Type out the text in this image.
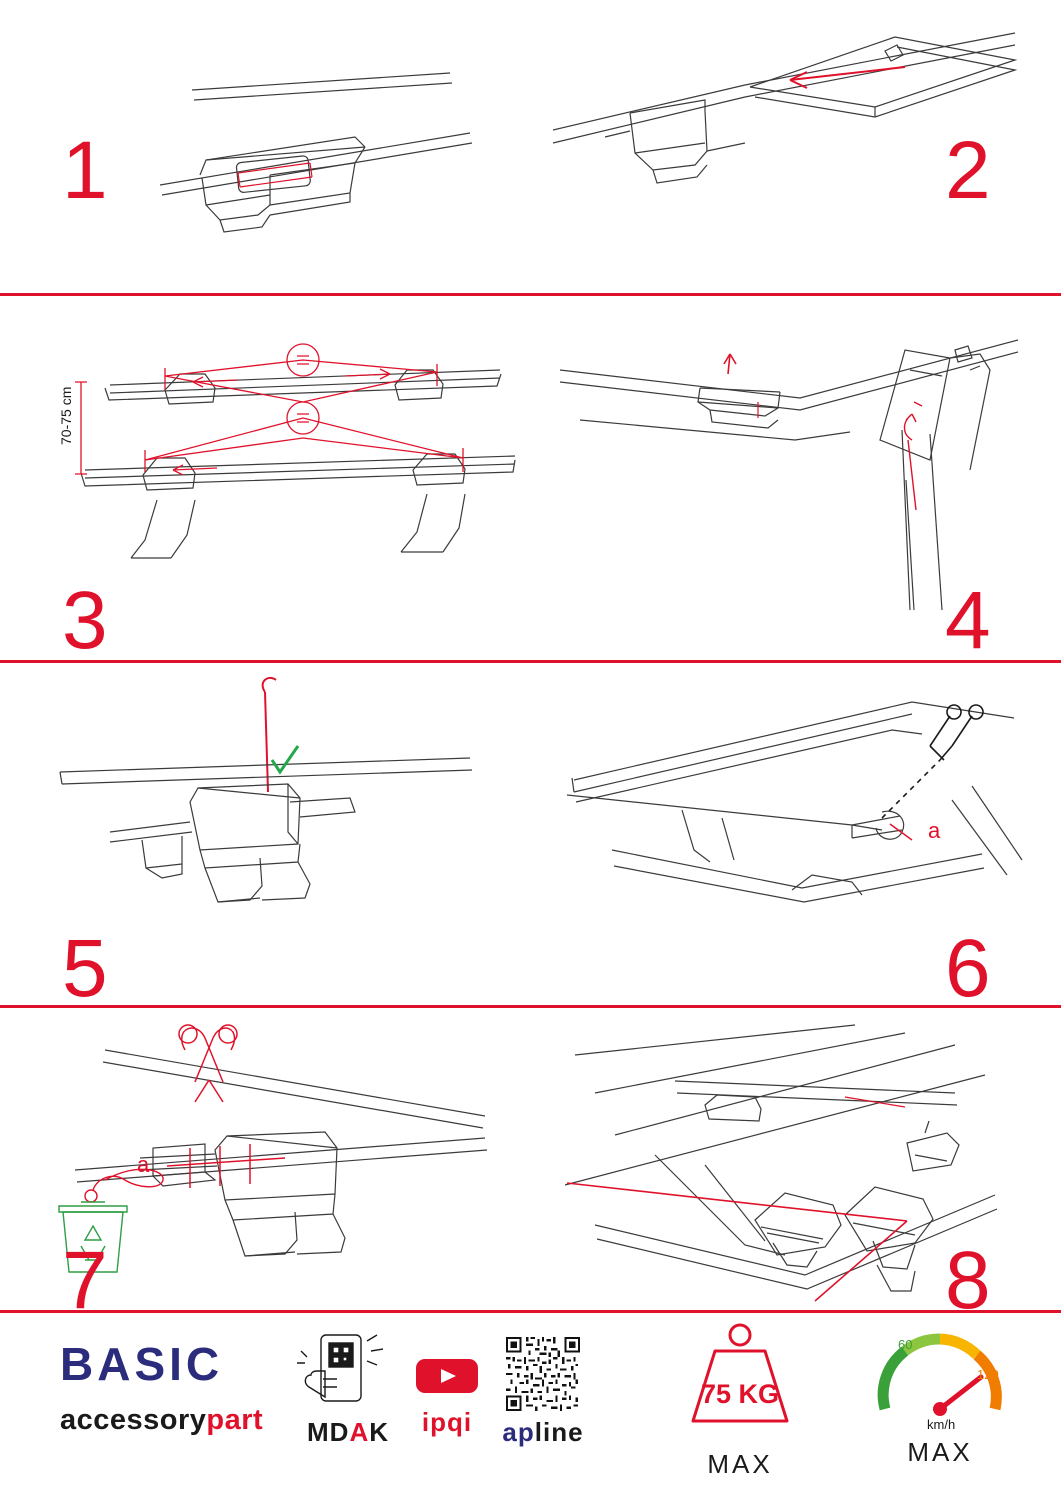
1	2
70-75 cm
3	4
5
a
6
a
7	8
BASIC
accessorypart	MDAK	ipqi	apline
75 KG
MAX
60
120
km/h
MAX
